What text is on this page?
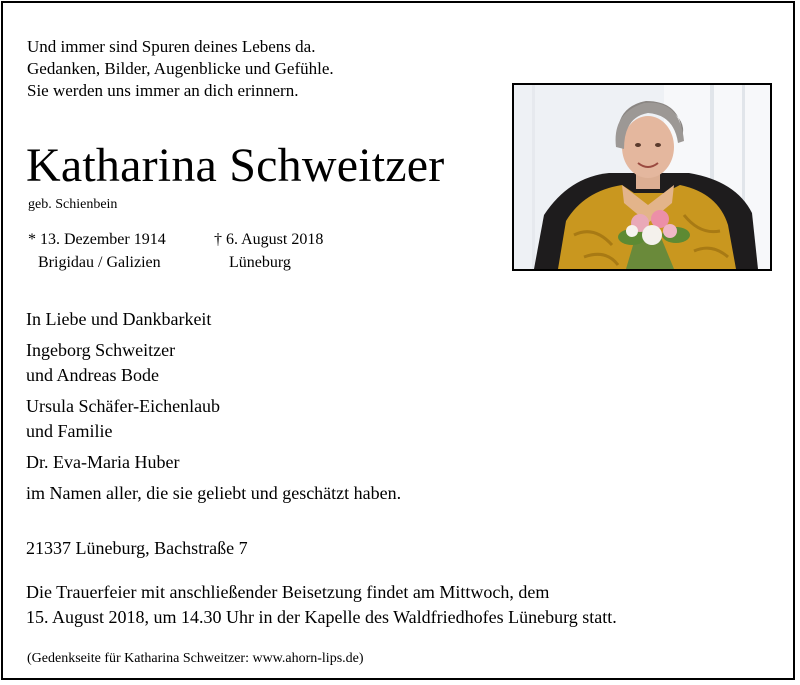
Und immer sind Spuren deines Lebens da.
Gedanken, Bilder, Augenblicke und Gefühle.
Sie werden uns immer an dich erinnern.
Katharina Schweitzer
geb. Schienbein
* 13. Dezember 1914
Brigidau / Galizien
† 6. August 2018
Lüneburg
In Liebe und Dankbarkeit
Ingeborg Schweitzer
und Andreas Bode
Ursula Schäfer-Eichenlaub
und Familie
Dr. Eva-Maria Huber
im Namen aller, die sie geliebt und geschätzt haben.
21337 Lüneburg, Bachstraße 7
Die Trauerfeier mit anschließender Beisetzung findet am Mittwoch, dem
15. August 2018, um 14.30 Uhr in der Kapelle des Waldfriedhofes Lüneburg statt.
(Gedenkseite für Katharina Schweitzer: www.ahorn-lips.de)
